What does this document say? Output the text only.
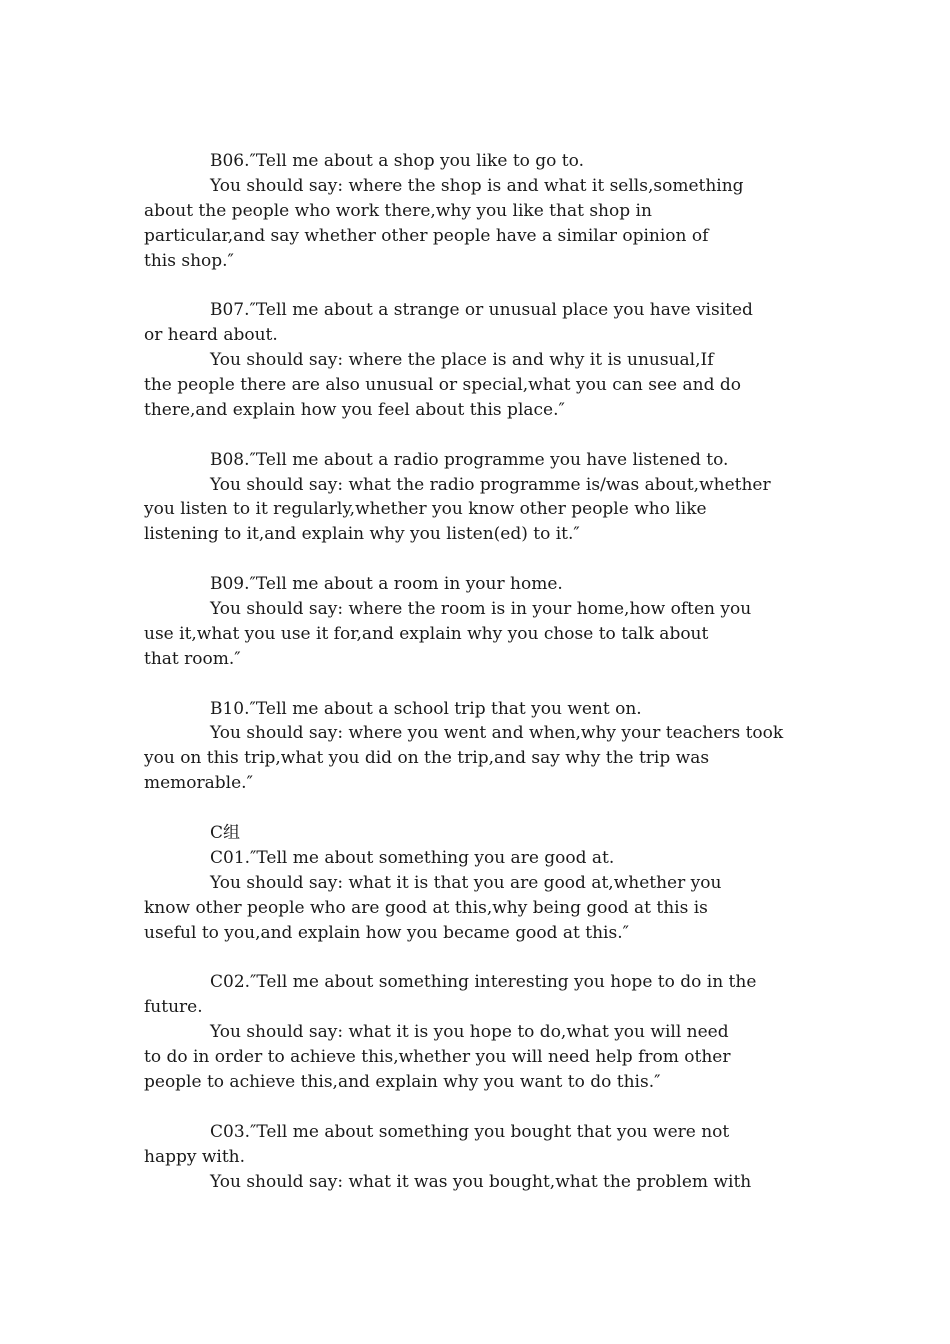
B06.″Tell me about a shop you like to go to.
You should say: where the shop is and what it sells,something
about the people who work there,why you like that shop in
particular,and say whether other people have a similar opinion of
this shop.″
B07.″Tell me about a strange or unusual place you have visited
or heard about.
You should say: where the place is and why it is unusual,If
the people there are also unusual or special,what you can see and do
there,and explain how you feel about this place.″
B08.″Tell me about a radio programme you have listened to.
You should say: what the radio programme is/was about,whether
you listen to it regularly,whether you know other people who like
listening to it,and explain why you listen(ed) to it.″
B09.″Tell me about a room in your home.
You should say: where the room is in your home,how often you
use it,what you use it for,and explain why you chose to talk about
that room.″
B10.″Tell me about a school trip that you went on.
You should say: where you went and when,why your teachers took
you on this trip,what you did on the trip,and say why the trip was
memorable.″
C组
C01.″Tell me about something you are good at.
You should say: what it is that you are good at,whether you
know other people who are good at this,why being good at this is
useful to you,and explain how you became good at this.″
C02.″Tell me about something interesting you hope to do in the
future.
You should say: what it is you hope to do,what you will need
to do in order to achieve this,whether you will need help from other
people to achieve this,and explain why you want to do this.″
C03.″Tell me about something you bought that you were not
happy with.
You should say: what it was you bought,what the problem with
